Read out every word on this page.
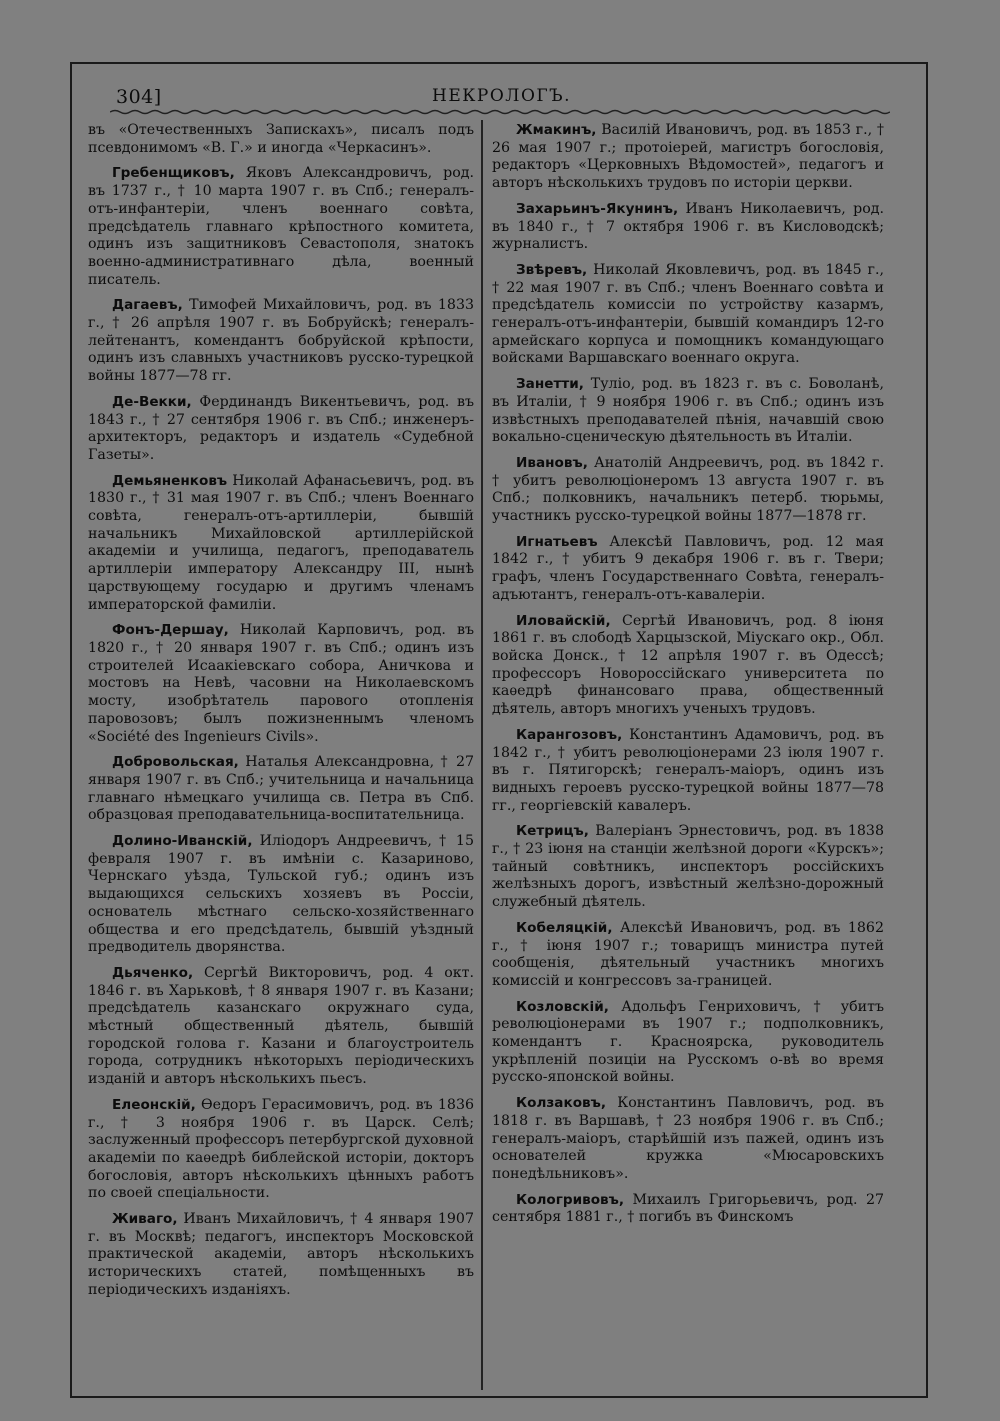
304]	НЕКРОЛОГЪ.

въ «Отечественныхъ Запискахъ», писалъ подъ псевдонимомъ «В. Г.» и иногда «Черкасинъ».

Гребенщиковъ, Яковъ Александровичъ, род. въ 1737 г., † 10 марта 1907 г. въ Спб.; генералъ-отъ-инфантеріи, членъ военнаго совѣта, предсѣдатель главнаго крѣпостного комитета, одинъ изъ защитниковъ Севастополя, знатокъ военно-административнаго дѣла, военный писатель.

Дагаевъ, Тимофей Михайловичъ, род. въ 1833 г., † 26 апрѣля 1907 г. въ Бобруйскѣ; генералъ-лейтенантъ, комендантъ бобруйской крѣпости, одинъ изъ славныхъ участниковъ русско-турецкой войны 1877—78 гг.

Де-Векки, Фердинандъ Викентьевичъ, род. въ 1843 г., † 27 сентября 1906 г. въ Спб.; инженеръ-архитекторъ, редакторъ и издатель «Судебной Газеты».

Демьяненковъ Николай Афанасьевичъ, род. въ 1830 г., † 31 мая 1907 г. въ Спб.; членъ Военнаго совѣта, генералъ-отъ-артиллеріи, бывшій начальникъ Михайловской артиллерійской академіи и училища, педагогъ, преподаватель артиллеріи императору Александру III, нынѣ царствующему государю и другимъ членамъ императорской фамиліи.

Фонъ-Дершау, Николай Карповичъ, род. въ 1820 г., † 20 января 1907 г. въ Спб.; одинъ изъ строителей Исаакіевскаго собора, Аничкова и мостовъ на Невѣ, часовни на Николаевскомъ мосту, изобрѣтатель парового отопленія паровозовъ; былъ пожизненнымъ членомъ «Société des Ingenieurs Civils».

Добровольская, Наталья Александровна, † 27 января 1907 г. въ Спб.; учительница и начальница главнаго нѣмецкаго училища св. Петра въ Спб. образцовая преподавательница-воспитательница.

Долино-Иванскій, Иліодоръ Андреевичъ, † 15 февраля 1907 г. въ имѣніи с. Казариново, Чернскаго уѣзда, Тульской губ.; одинъ изъ выдающихся сельскихъ хозяевъ въ Россіи, основатель мѣстнаго сельско-хозяйственнаго общества и его предсѣдатель, бывшій уѣздный предводитель дворянства.

Дьяченко, Сергѣй Викторовичъ, род. 4 окт. 1846 г. въ Харьковѣ, † 8 января 1907 г. въ Казани; предсѣдатель казанскаго окружнаго суда, мѣстный общественный дѣятель, бывшій городской голова г. Казани и благоустроитель города, сотрудникъ нѣкоторыхъ періодическихъ изданій и авторъ нѣсколькихъ пьесъ.

Елеонскій, Өедоръ Герасимовичъ, род. въ 1836 г., † 3 ноября 1906 г. въ Царск. Селѣ; заслуженный профессоръ петербургской духовной академіи по каѳедрѣ библейской исторіи, докторъ богословія, авторъ нѣсколькихъ цѣнныхъ работъ по своей спеціальности.

Живаго, Иванъ Михайловичъ, † 4 января 1907 г. въ Москвѣ; педагогъ, инспекторъ Московской практической академіи, авторъ нѣсколькихъ историческихъ статей, помѣщенныхъ въ періодическихъ изданіяхъ.

Жмакинъ, Василій Ивановичъ, род. въ 1853 г., † 26 мая 1907 г.; протоіерей, магистръ богословія, редакторъ «Церковныхъ Вѣдомостей», педагогъ и авторъ нѣсколькихъ трудовъ по исторіи церкви.

Захарьинъ-Якунинъ, Иванъ Николаевичъ, род. въ 1840 г., † 7 октября 1906 г. въ Кисловодскѣ; журналистъ.

Звѣревъ, Николай Яковлевичъ, род. въ 1845 г., † 22 мая 1907 г. въ Спб.; членъ Военнаго совѣта и предсѣдатель комиссіи по устройству казармъ, генералъ-отъ-инфантеріи, бывшій командиръ 12-го армейскаго корпуса и помощникъ командующаго войсками Варшавскаго военнаго округа.

Занетти, Туліо, род. въ 1823 г. въ с. Боволанѣ, въ Италіи, † 9 ноября 1906 г. въ Спб.; одинъ изъ извѣстныхъ преподавателей пѣнія, начавшій свою вокально-сценическую дѣятельность въ Италіи.

Ивановъ, Анатолій Андреевичъ, род. въ 1842 г. † убитъ революціонеромъ 13 августа 1907 г. въ Спб.; полковникъ, начальникъ петерб. тюрьмы, участникъ русско-турецкой войны 1877—1878 гг.

Игнатьевъ Алексѣй Павловичъ, род. 12 мая 1842 г., † убитъ 9 декабря 1906 г. въ г. Твери; графъ, членъ Государственнаго Совѣта, генералъ-адъютантъ, генералъ-отъ-кавалеріи.

Иловайскій, Сергѣй Ивановичъ, род. 8 іюня 1861 г. въ слободѣ Харцызской, Міускаго окр., Обл. войска Донск., † 12 апрѣля 1907 г. въ Одессѣ; профессоръ Новороссійскаго университета по каѳедрѣ финансоваго права, общественный дѣятель, авторъ многихъ ученыхъ трудовъ.

Карангозовъ, Константинъ Адамовичъ, род. въ 1842 г., † убитъ революціонерами 23 іюля 1907 г. въ г. Пятигорскѣ; генералъ-маіоръ, одинъ изъ видныхъ героевъ русско-турецкой войны 1877—78 гг., георгіевскій кавалеръ.

Кетрицъ, Валеріанъ Эрнестовичъ, род. въ 1838 г., † 23 іюня на станціи желѣзной дороги «Курскъ»; тайный совѣтникъ, инспекторъ россійскихъ желѣзныхъ дорогъ, извѣстный желѣзно-дорожный служебный дѣятель.

Кобеляцкій, Алексѣй Ивановичъ, род. въ 1862 г., † іюня 1907 г.; товарищъ министра путей сообщенія, дѣятельный участникъ многихъ комиссій и конгрессовъ за-границей.

Козловскій, Адольфъ Генриховичъ, † убитъ революціонерами въ 1907 г.; подполковникъ, комендантъ г. Красноярска, руководитель укрѣпленій позиціи на Русскомъ о-вѣ во время русско-японской войны.

Колзаковъ, Константинъ Павловичъ, род. въ 1818 г. въ Варшавѣ, † 23 ноября 1906 г. въ Спб.; генералъ-маіоръ, старѣйшій изъ пажей, одинъ изъ основателей кружка «Мюсаровскихъ понедѣльниковъ».

Кологривовъ, Михаилъ Григорьевичъ, род. 27 сентября 1881 г., † погибъ въ Финскомъ
